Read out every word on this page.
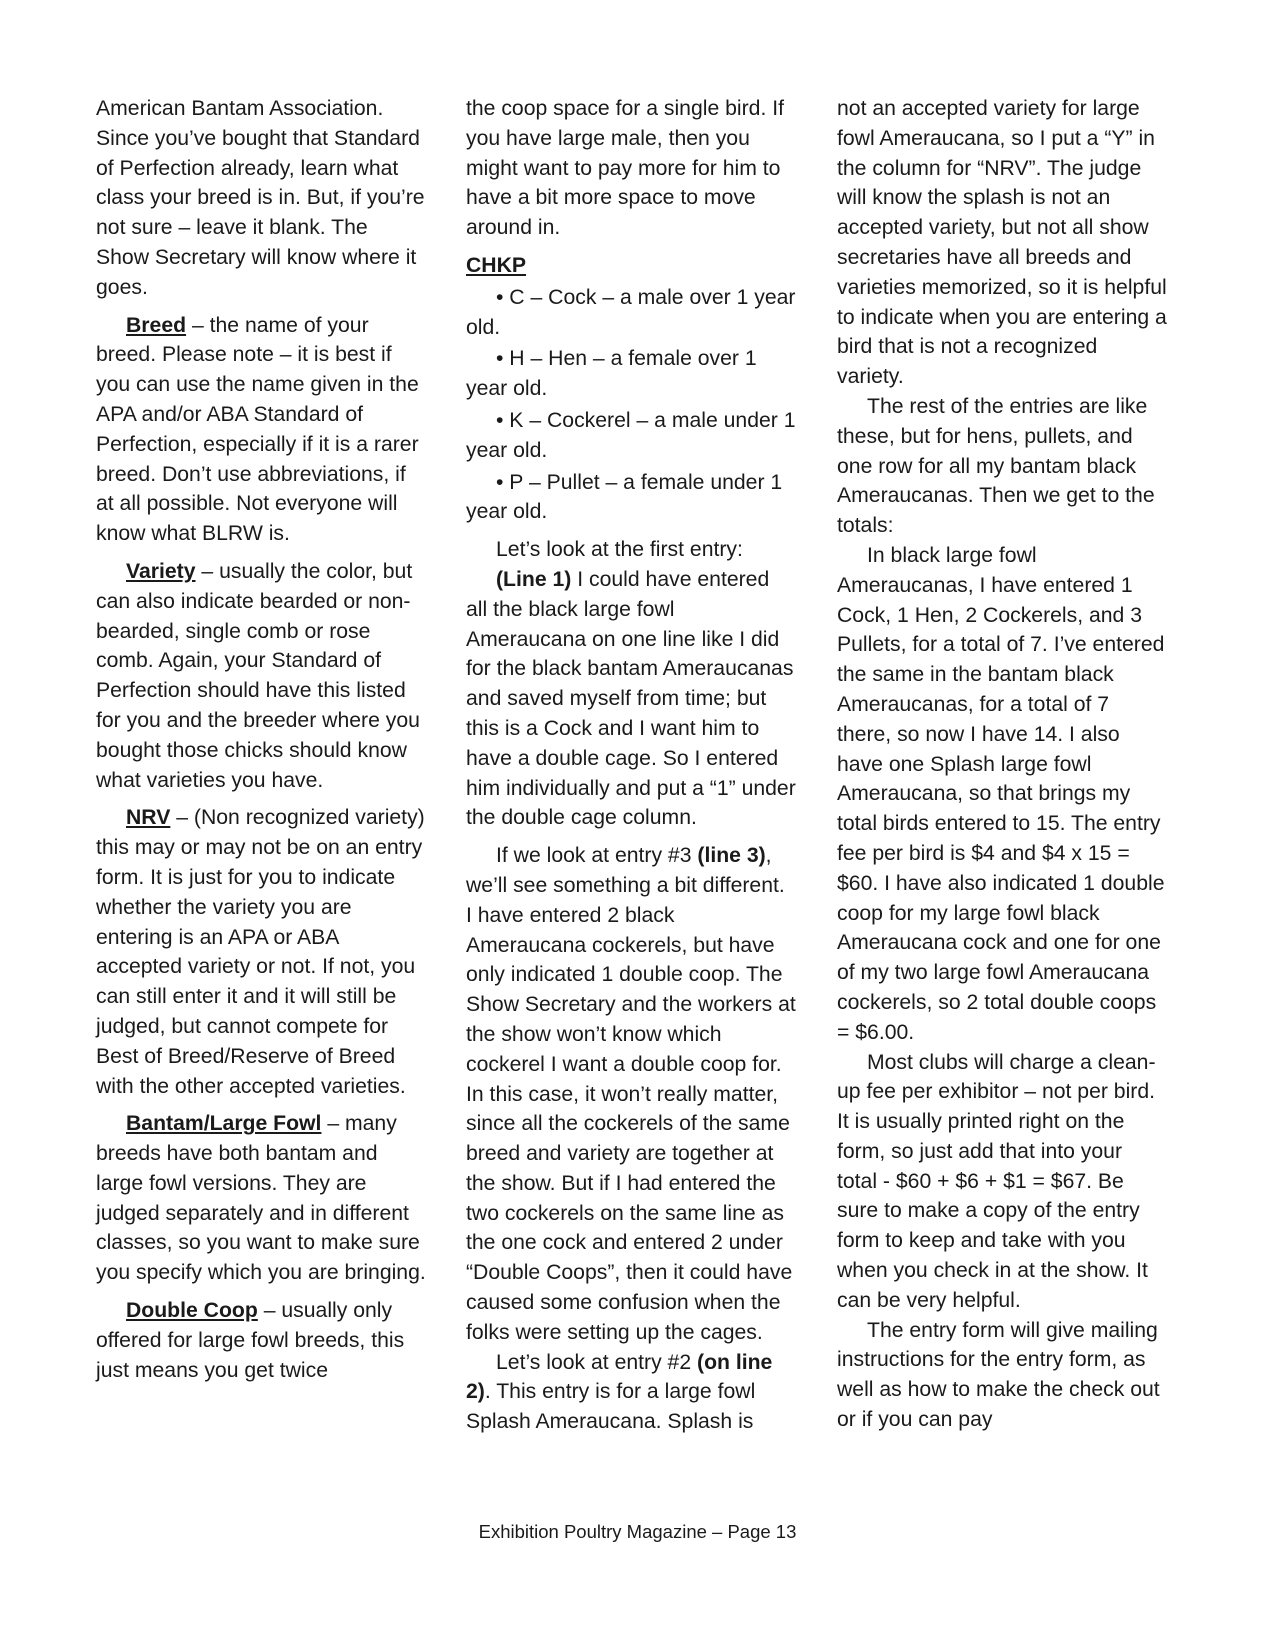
American Bantam Association. Since you’ve bought that Standard of Perfection already, learn what class your breed is in. But, if you’re not sure – leave it blank. The Show Secretary will know where it goes.

Breed – the name of your breed. Please note – it is best if you can use the name given in the APA and/or ABA Standard of Perfection, especially if it is a rarer breed. Don’t use abbreviations, if at all possible. Not everyone will know what BLRW is.

Variety – usually the color, but can also indicate bearded or non-bearded, single comb or rose comb. Again, your Standard of Perfection should have this listed for you and the breeder where you bought those chicks should know what varieties you have.

NRV – (Non recognized variety) this may or may not be on an entry form. It is just for you to indicate whether the variety you are entering is an APA or ABA accepted variety or not. If not, you can still enter it and it will still be judged, but cannot compete for Best of Breed/Reserve of Breed with the other accepted varieties.

Bantam/Large Fowl – many breeds have both bantam and large fowl versions. They are judged separately and in different classes, so you want to make sure you specify which you are bringing.

Double Coop – usually only offered for large fowl breeds, this just means you get twice

the coop space for a single bird. If you have large male, then you might want to pay more for him to have a bit more space to move around in.

CHKP

• C – Cock – a male over 1 year old.

• H – Hen – a female over 1 year old.

• K – Cockerel – a male under 1 year old.

• P – Pullet – a female under 1 year old.

Let’s look at the first entry:

(Line 1) I could have entered all the black large fowl Ameraucana on one line like I did for the black bantam Ameraucanas and saved myself from time; but this is a Cock and I want him to have a double cage. So I entered him individually and put a “1” under the double cage column.

If we look at entry #3 (line 3), we’ll see something a bit different. I have entered 2 black Ameraucana cockerels, but have only indicated 1 double coop. The Show Secretary and the workers at the show won’t know which cockerel I want a double coop for. In this case, it won’t really matter, since all the cockerels of the same breed and variety are together at the show. But if I had entered the two cockerels on the same line as the one cock and entered 2 under “Double Coops”, then it could have caused some confusion when the folks were setting up the cages.

Let’s look at entry #2 (on line 2). This entry is for a large fowl Splash Ameraucana. Splash is

not an accepted variety for large fowl Ameraucana, so I put a “Y” in the column for “NRV”. The judge will know the splash is not an accepted variety, but not all show secretaries have all breeds and varieties memorized, so it is helpful to indicate when you are entering a bird that is not a recognized variety.

The rest of the entries are like these, but for hens, pullets, and one row for all my bantam black Ameraucanas. Then we get to the totals:

In black large fowl Ameraucanas, I have entered 1 Cock, 1 Hen, 2 Cockerels, and 3 Pullets, for a total of 7. I’ve entered the same in the bantam black Ameraucanas, for a total of 7 there, so now I have 14. I also have one Splash large fowl Ameraucana, so that brings my total birds entered to 15. The entry fee per bird is $4 and $4 x 15 = $60. I have also indicated 1 double coop for my large fowl black Ameraucana cock and one for one of my two large fowl Ameraucana cockerels, so 2 total double coops = $6.00.

Most clubs will charge a clean-up fee per exhibitor – not per bird. It is usually printed right on the form, so just add that into your total - $60 + $6 + $1 = $67. Be sure to make a copy of the entry form to keep and take with you when you check in at the show. It can be very helpful.

The entry form will give mailing instructions for the entry form, as well as how to make the check out or if you can pay

Exhibition Poultry Magazine – Page 13
